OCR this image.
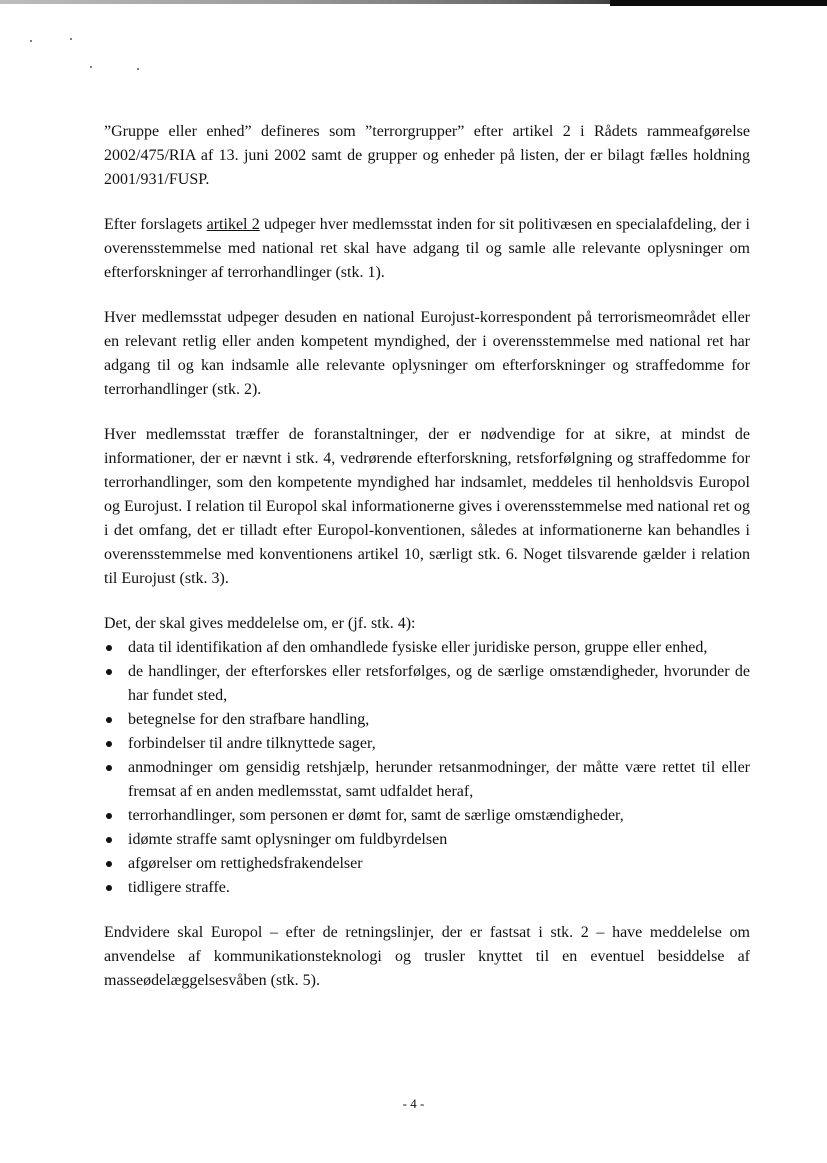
”Gruppe eller enhed” defineres som ”terrorgrupper” efter artikel 2 i Rådets rammeafgørelse 2002/475/RIA af 13. juni 2002 samt de grupper og enheder på listen, der er bilagt fælles holdning 2001/931/FUSP.

Efter forslagets artikel 2 udpeger hver medlemsstat inden for sit politivæsen en specialafdeling, der i overensstemmelse med national ret skal have adgang til og samle alle relevante oplysninger om efterforskninger af terrorhandlinger (stk. 1).

Hver medlemsstat udpeger desuden en national Eurojust-korrespondent på terrorismeområdet eller en relevant retlig eller anden kompetent myndighed, der i overensstemmelse med national ret har adgang til og kan indsamle alle relevante oplysninger om efterforskninger og straffedomme for terrorhandlinger (stk. 2).

Hver medlemsstat træffer de foranstaltninger, der er nødvendige for at sikre, at mindst de informationer, der er nævnt i stk. 4, vedrørende efterforskning, retsforfølgning og straffedomme for terrorhandlinger, som den kompetente myndighed har indsamlet, meddeles til henholdsvis Europol og Eurojust. I relation til Europol skal informationerne gives i overensstemmelse med national ret og i det omfang, det er tilladt efter Europol-konventionen, således at informationerne kan behandles i overensstemmelse med konventionens artikel 10, særligt stk. 6. Noget tilsvarende gælder i relation til Eurojust (stk. 3).

Det, der skal gives meddelelse om, er (jf. stk. 4):

data til identifikation af den omhandlede fysiske eller juridiske person, gruppe eller enhed,
de handlinger, der efterforskes eller retsforfølges, og de særlige omstændigheder, hvorunder de har fundet sted,
betegnelse for den strafbare handling,
forbindelser til andre tilknyttede sager,
anmodninger om gensidig retshjælp, herunder retsanmodninger, der måtte være rettet til eller fremsat af en anden medlemsstat, samt udfaldet heraf,
terrorhandlinger, som personen er dømt for, samt de særlige omstændigheder,
idømte straffe samt oplysninger om fuldbyrdelsen
afgørelser om rettighedsfrakendelser
tidligere straffe.

Endvidere skal Europol – efter de retningslinjer, der er fastsat i stk. 2 – have meddelelse om anvendelse af kommunikationsteknologi og trusler knyttet til en eventuel besiddelse af masseødelæggelsesvåben (stk. 5).

- 4 -
